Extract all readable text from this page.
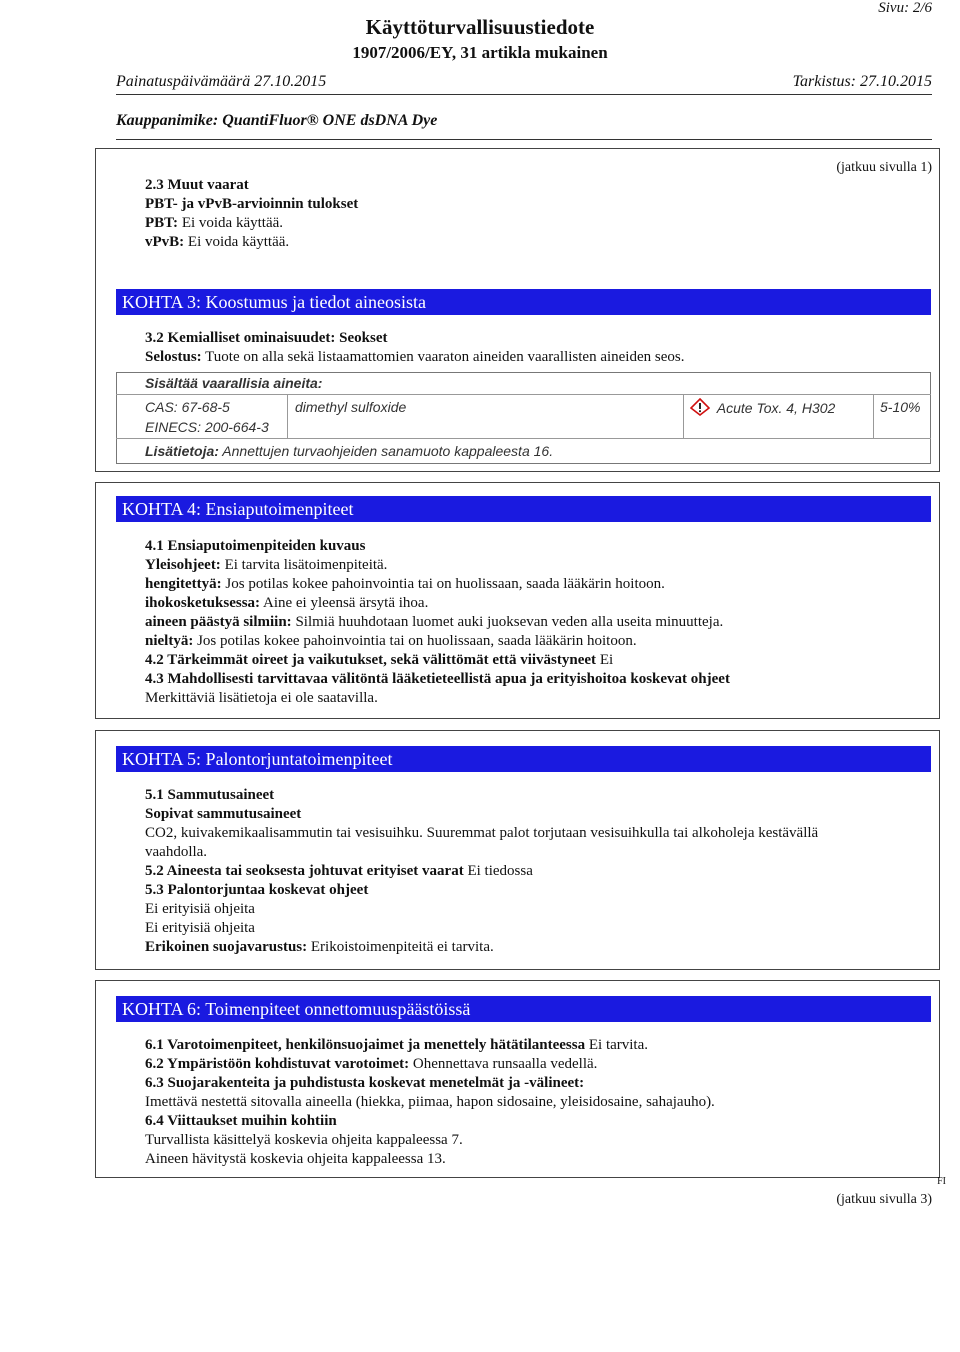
Sivu: 2/6
Käyttöturvallisuustiedote
1907/2006/EY, 31 artikla mukainen
Painatuspäivämäärä 27.10.2015	Tarkistus: 27.10.2015
Kauppanimike: QuantiFluor® ONE dsDNA Dye
(jatkuu sivulla 1)
2.3 Muut vaarat
PBT- ja vPvB-arvioinnin tulokset
PBT: Ei voida käyttää.
vPvB: Ei voida käyttää.
KOHTA 3: Koostumus ja tiedot aineosista
3.2 Kemialliset ominaisuudet: Seokset
Selostus: Tuote on alla sekä listaamattomien vaaraton aineiden vaarallisten aineiden seos.
Sisältää vaarallisia aineita:
CAS: 67-68-5
EINECS: 200-664-3
dimethyl sulfoxide	Acute Tox. 4, H302	5-10%
Lisätietoja: Annettujen turvaohjeiden sanamuoto kappaleesta 16.
KOHTA 4: Ensiaputoimenpiteet
4.1 Ensiaputoimenpiteiden kuvaus
Yleisohjeet: Ei tarvita lisätoimenpiteitä.
hengitettyä: Jos potilas kokee pahoinvointia tai on huolissaan, saada lääkärin hoitoon.
ihokosketuksessa: Aine ei yleensä ärsytä ihoa.
aineen päästyä silmiin: Silmiä huuhdotaan luomet auki juoksevan veden alla useita minuutteja.
nieltyä: Jos potilas kokee pahoinvointia tai on huolissaan, saada lääkärin hoitoon.
4.2 Tärkeimmät oireet ja vaikutukset, sekä välittömät että viivästyneet Ei
4.3 Mahdollisesti tarvittavaa välitöntä lääketieteellistä apua ja erityishoitoa koskevat ohjeet
Merkittäviä lisätietoja ei ole saatavilla.
KOHTA 5: Palontorjuntatoimenpiteet
5.1 Sammutusaineet
Sopivat sammutusaineet
CO2, kuivakemikaalisammutin tai vesisuihku. Suuremmat palot torjutaan vesisuihkulla tai alkoholeja kestävällä
vaahdolla.
5.2 Aineesta tai seoksesta johtuvat erityiset vaarat Ei tiedossa
5.3 Palontorjuntaa koskevat ohjeet
Ei erityisiä ohjeita
Ei erityisiä ohjeita
Erikoinen suojavarustus: Erikoistoimenpiteitä ei tarvita.
KOHTA 6: Toimenpiteet onnettomuuspäästöissä
6.1 Varotoimenpiteet, henkilönsuojaimet ja menettely hätätilanteessa Ei tarvita.
6.2 Ympäristöön kohdistuvat varotoimet: Ohennettava runsaalla vedellä.
6.3 Suojarakenteita ja puhdistusta koskevat menetelmät ja -välineet:
Imettävä nestettä sitovalla aineella (hiekka, piimaa, hapon sidosaine, yleisidosaine, sahajauho).
6.4 Viittaukset muihin kohtiin
Turvallista käsittelyä koskevia ohjeita kappaleessa 7.
Aineen hävitystä koskevia ohjeita kappaleessa 13.
FI
(jatkuu sivulla 3)
